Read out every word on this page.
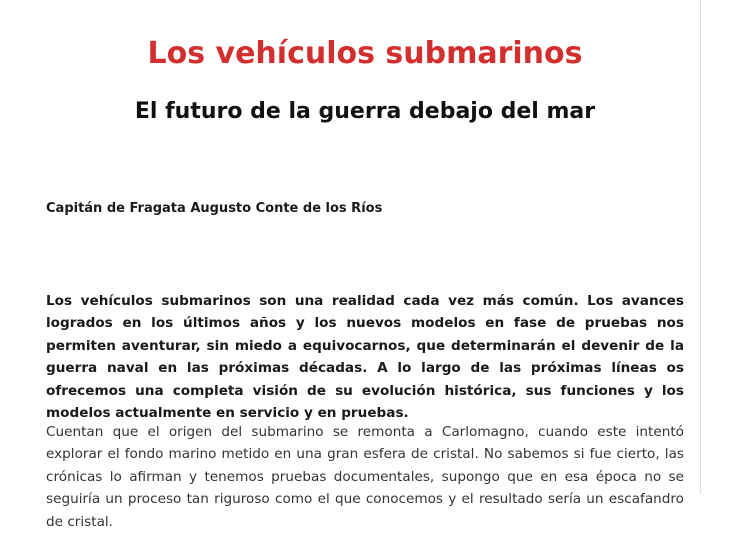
Los vehículos submarinos
El futuro de la guerra debajo del mar

Capitán de Fragata Augusto Conte de los Ríos

Los vehículos submarinos son una realidad cada vez más común. Los avances logrados en los últimos años y los nuevos modelos en fase de pruebas nos permiten aventurar, sin miedo a equivocarnos, que determinarán el devenir de la guerra naval en las próximas décadas. A lo largo de las próximas líneas os ofrecemos una completa visión de su evolución histórica, sus funciones y los modelos actualmente en servicio y en pruebas.

Cuentan que el origen del submarino se remonta a Carlomagno, cuando este intentó explorar el fondo marino metido en una gran esfera de cristal. No sabemos si fue cierto, las crónicas lo afirman y tenemos pruebas documentales, supongo que en esa época no se seguiría un proceso tan riguroso como el que conocemos y el resultado sería un escafandro de cristal.
